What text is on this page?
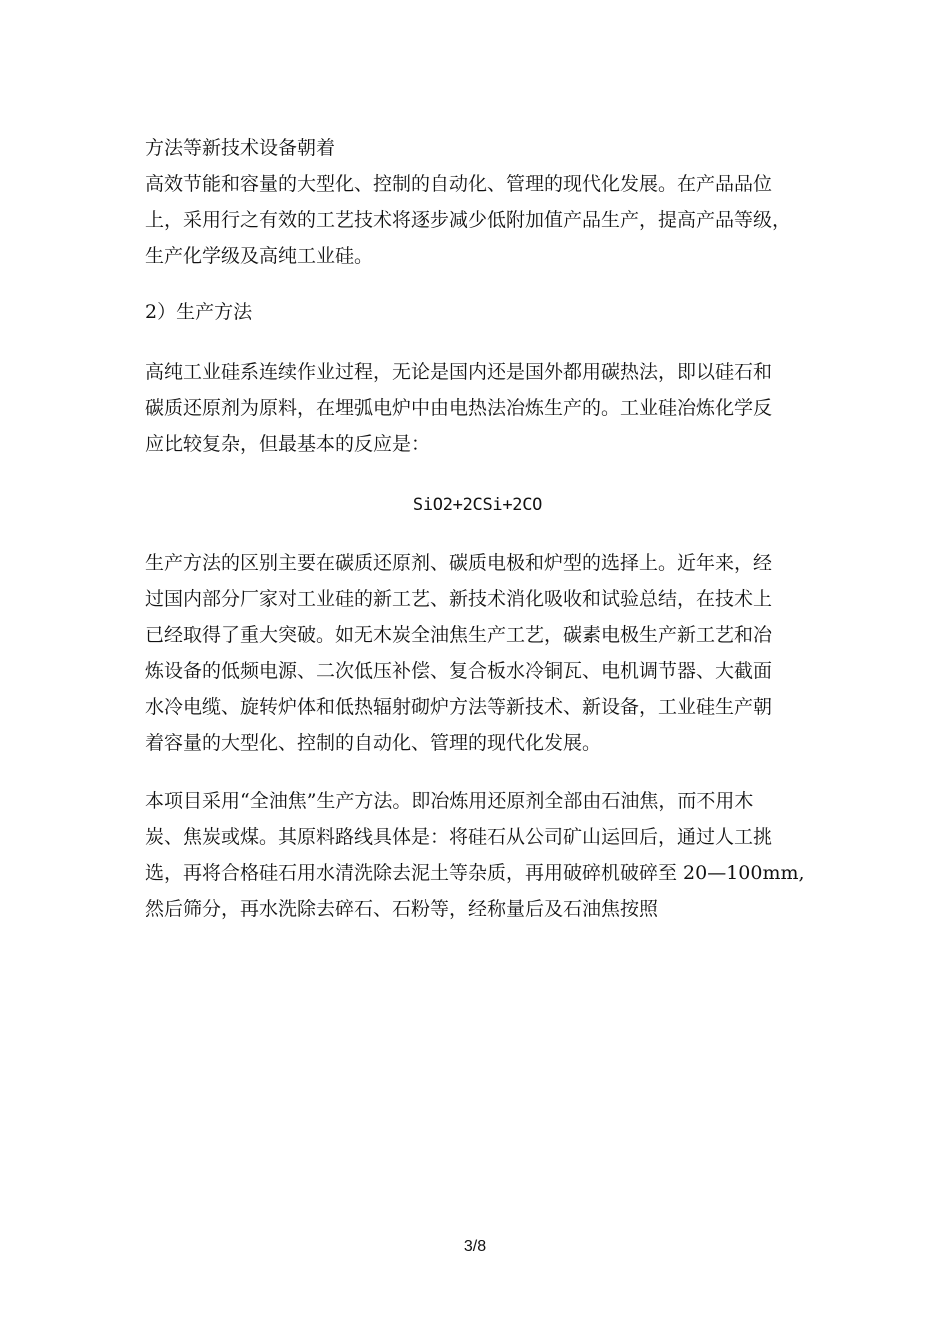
方法等新技术设备朝着
高效节能和容量的大型化、控制的自动化、管理的现代化发展。在产品品位
上，采用行之有效的工艺技术将逐步减少低附加值产品生产，提高产品等级，
生产化学级及高纯工业硅。
2）生产方法
高纯工业硅系连续作业过程，无论是国内还是国外都用碳热法，即以硅石和
碳质还原剂为原料，在埋弧电炉中由电热法冶炼生产的。工业硅冶炼化学反
应比较复杂，但最基本的反应是：
SiO2+2CSi+2CO
生产方法的区别主要在碳质还原剂、碳质电极和炉型的选择上。近年来，经
过国内部分厂家对工业硅的新工艺、新技术消化吸收和试验总结，在技术上
已经取得了重大突破。如无木炭全油焦生产工艺，碳素电极生产新工艺和冶
炼设备的低频电源、二次低压补偿、复合板水冷铜瓦、电机调节器、大截面
水冷电缆、旋转炉体和低热辐射砌炉方法等新技术、新设备，工业硅生产朝
着容量的大型化、控制的自动化、管理的现代化发展。
本项目采用“全油焦”生产方法。即冶炼用还原剂全部由石油焦，而不用木
炭、焦炭或煤。其原料路线具体是：将硅石从公司矿山运回后，通过人工挑
选，再将合格硅石用水清洗除去泥土等杂质，再用破碎机破碎至 20—100mm,
然后筛分，再水洗除去碎石、石粉等，经称量后及石油焦按照
3/8
